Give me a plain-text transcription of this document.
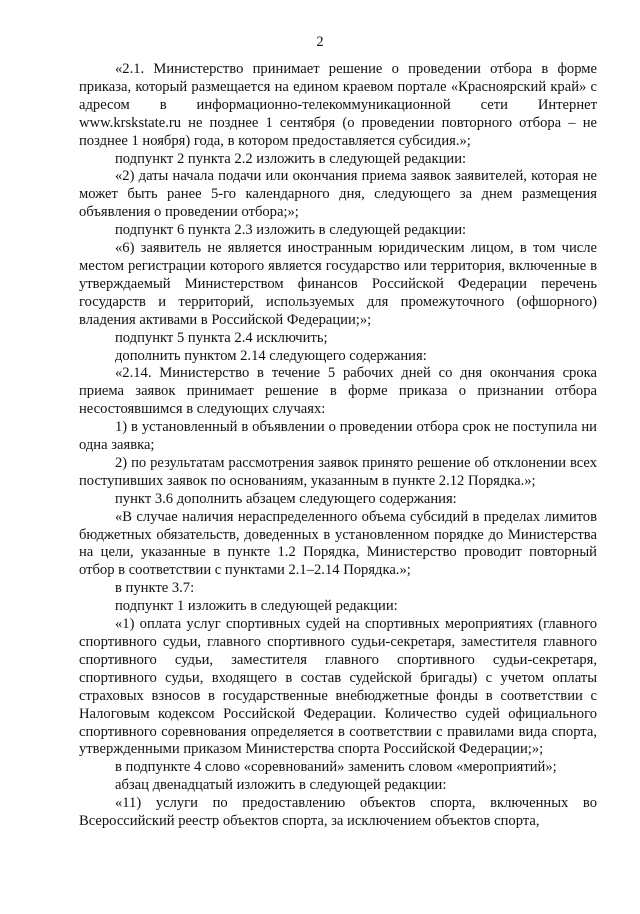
2

«2.1. Министерство принимает решение о проведении отбора в форме приказа, который размещается на едином краевом портале «Красноярский край» с адресом в информационно-телекоммуникационной сети Интернет www.krskstate.ru не позднее 1 сентября (о проведении повторного отбора – не позднее 1 ноября) года, в котором предоставляется субсидия.»;

подпункт 2 пункта 2.2 изложить в следующей редакции:

«2) даты начала подачи или окончания приема заявок заявителей, которая не может быть ранее 5-го календарного дня, следующего за днем размещения объявления о проведении отбора;»;

подпункт 6 пункта 2.3 изложить в следующей редакции:

«6) заявитель не является иностранным юридическим лицом, в том числе местом регистрации которого является государство или территория, включенные в утверждаемый Министерством финансов Российской Федерации перечень государств и территорий, используемых для промежуточного (офшорного) владения активами в Российской Федерации;»;

подпункт 5 пункта 2.4 исключить;

дополнить пунктом 2.14 следующего содержания:

«2.14. Министерство в течение 5 рабочих дней со дня окончания срока приема заявок принимает решение в форме приказа о признании отбора несостоявшимся в следующих случаях:

1) в установленный в объявлении о проведении отбора срок не поступила ни одна заявка;

2) по результатам рассмотрения заявок принято решение об отклонении всех поступивших заявок по основаниям, указанным в пункте 2.12 Порядка.»;

пункт 3.6 дополнить абзацем следующего содержания:

«В случае наличия нераспределенного объема субсидий в пределах лимитов бюджетных обязательств, доведенных в установленном порядке до Министерства на цели, указанные в пункте 1.2 Порядка, Министерство проводит повторный отбор в соответствии с пунктами 2.1–2.14 Порядка.»;

в пункте 3.7:

подпункт 1 изложить в следующей редакции:

«1) оплата услуг спортивных судей на спортивных мероприятиях (главного спортивного судьи, главного спортивного судьи-секретаря, заместителя главного спортивного судьи, заместителя главного спортивного судьи-секретаря, спортивного судьи, входящего в состав судейской бригады) с учетом оплаты страховых взносов в государственные внебюджетные фонды в соответствии с Налоговым кодексом Российской Федерации. Количество судей официального спортивного соревнования определяется в соответствии с правилами вида спорта, утвержденными приказом Министерства спорта Российской Федерации;»;

в подпункте 4 слово «соревнований» заменить словом «мероприятий»;

абзац двенадцатый изложить в следующей редакции:

«11) услуги по предоставлению объектов спорта, включенных во Всероссийский реестр объектов спорта, за исключением объектов спорта,
